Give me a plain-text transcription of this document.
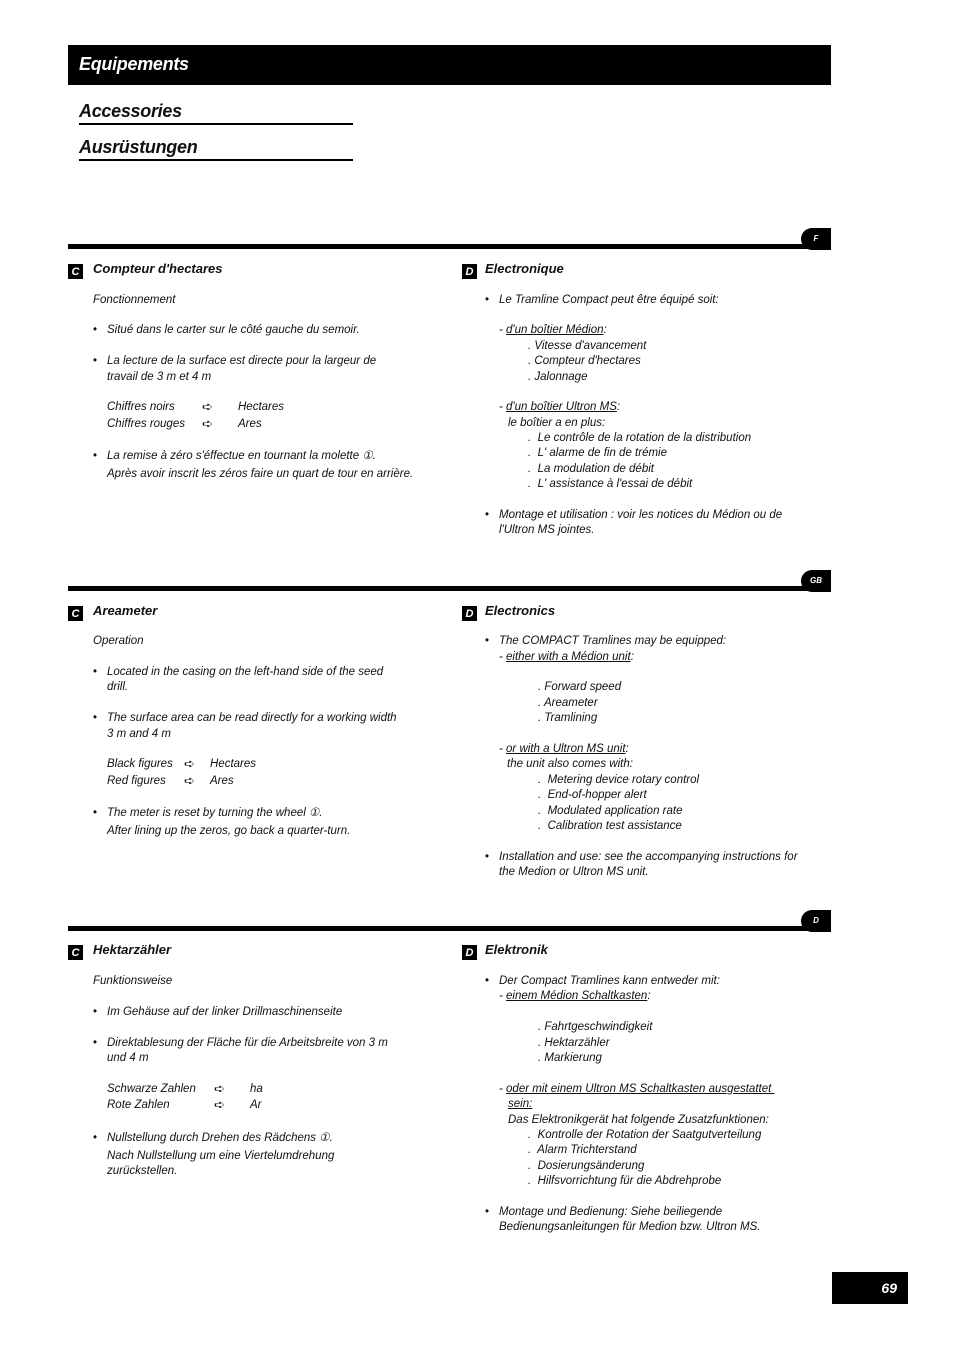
Equipements
Accessories
Ausrüstungen
F
C Compteur d'hectares
Fonctionnement
• Situé dans le carter sur le côté gauche du semoir.
• La lecture de la surface est directe pour la largeur de
travail de 3 m et 4 m
Chiffres noirs ➪ Hectares
Chiffres rouges ➪ Ares
• La remise à zéro s'éffectue en tournant la molette ①.
Après avoir inscrit les zéros faire un quart de tour en arrière.
D Electronique
• Le Tramline Compact peut être équipé soit:
- d'un boîtier Médion:
. Vitesse d'avancement
. Compteur d'hectares
. Jalonnage
- d'un boîtier Ultron MS:
le boîtier a en plus:
.  Le contrôle de la rotation de la distribution
.  L' alarme de fin de trémie
.  La modulation de débit
.  L' assistance à l'essai de débit
• Montage et utilisation : voir les notices du Médion ou de
l'Ultron MS jointes.
GB
C Areameter
Operation
• Located in the casing on the left-hand side of the seed
drill.
• The surface area can be read directly for a working width
3 m and 4 m
Black figures ➪ Hectares
Red figures ➪ Ares
• The meter is reset by turning the wheel ①.
After lining up the zeros, go back a quarter-turn.
D Electronics
• The COMPACT Tramlines may be equipped:
- either with a Médion unit:
. Forward speed
. Areameter
. Tramlining
- or with a Ultron MS unit:
the unit also comes with:
.  Metering device rotary control
.  End-of-hopper alert
.  Modulated application rate
.  Calibration test assistance
• Installation and use: see the accompanying instructions for
the Medion or Ultron MS unit.
D
C Hektarzähler
Funktionsweise
• Im Gehäuse auf der linker Drillmaschinenseite
• Direktablesung der Fläche für die Arbeitsbreite von 3 m
und 4 m
Schwarze Zahlen ➪ ha
Rote Zahlen	➪ Ar
• Nullstellung durch Drehen des Rädchens ①.
Nach Nullstellung um eine Viertelumdrehung
zurückstellen.
D Elektronik
• Der Compact Tramlines kann entweder mit:
- einem Médion Schaltkasten:
. Fahrtgeschwindigkeit
. Hektarzähler
. Markierung
- oder mit einem Ultron MS Schaltkasten ausgestattet
sein:
Das Elektronikgerät hat folgende Zusatzfunktionen:
.  Kontrolle der Rotation der Saatgutverteilung
.  Alarm Trichterstand
.  Dosierungsänderung
.  Hilfsvorrichtung für die Abdrehprobe
• Montage und Bedienung: Siehe beiliegende
Bedienungsanleitungen für Medion bzw. Ultron MS.
69
